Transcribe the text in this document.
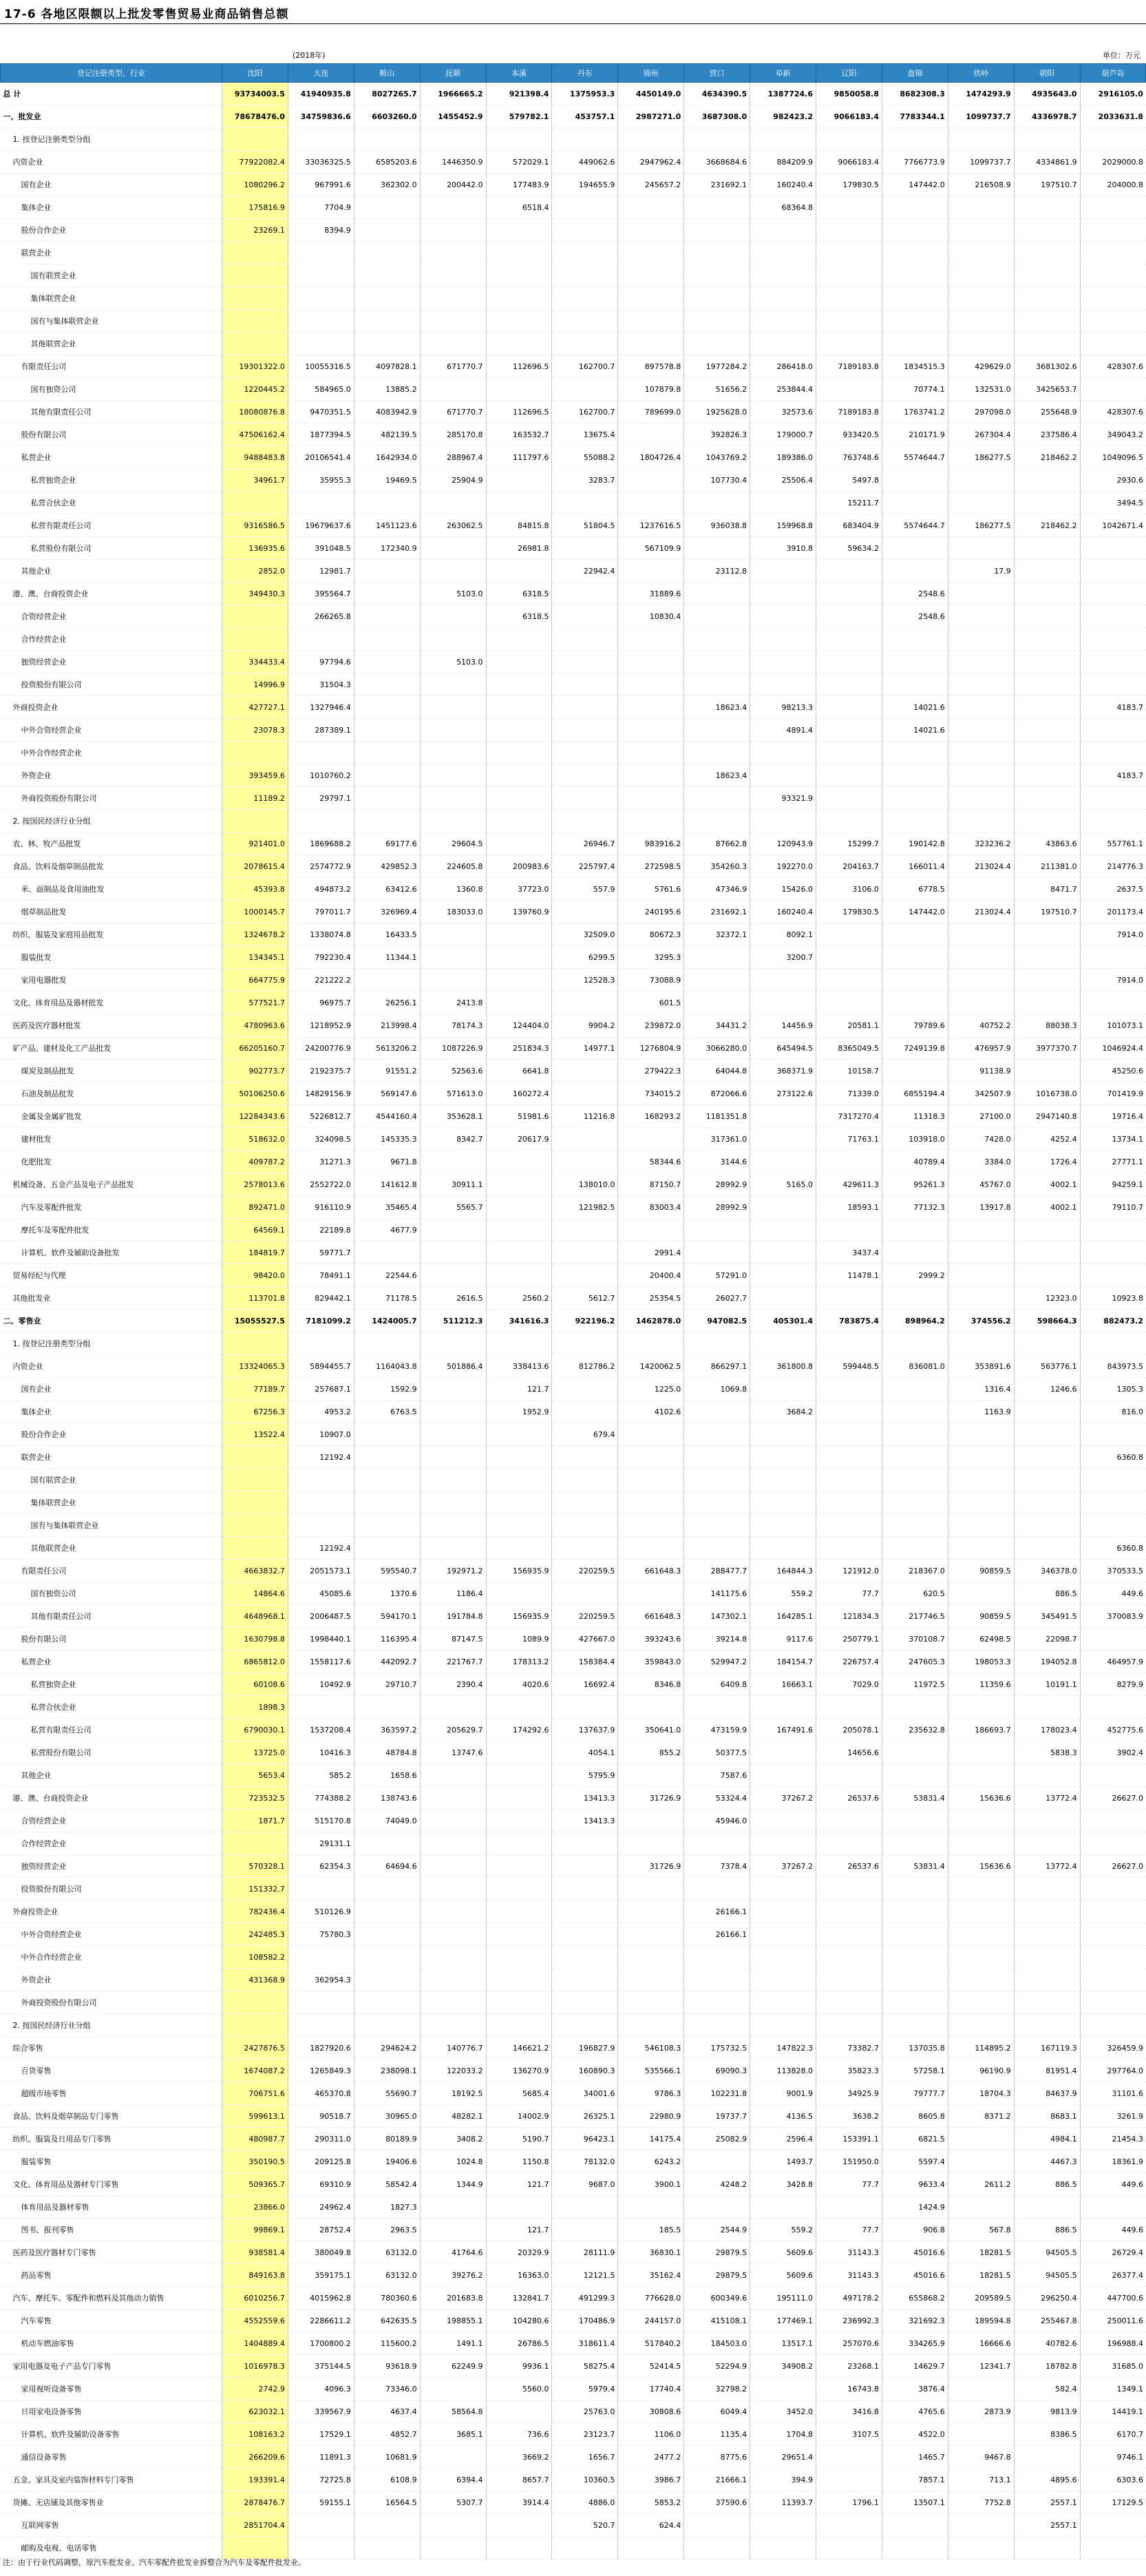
17-6 各地区限额以上批发零售贸易业商品销售总额
(2018年)	单位：万元
登记注册类型、行业	沈阳	大连	鞍山	抚顺	本溪	丹东	锦州	营口	阜新	辽阳	盘锦	铁岭	朝阳	葫芦岛
总 计	93734003.5	41940935.8	8027265.7	1966665.2	921398.4	1375953.3	4450149.0	4634390.5	1387724.6	9850058.8	8682308.3	1474293.9	4935643.0	2916105.0
一、批发业	78678476.0	34759836.6	6603260.0	1455452.9	579782.1	453757.1	2987271.0	3687308.0	982423.2	9066183.4	7783344.1	1099737.7	4336978.7	2033631.8
1. 按登记注册类型分组														
内资企业	77922082.4	33036325.5	6585203.6	1446350.9	572029.1	449062.6	2947962.4	3668684.6	884209.9	9066183.4	7766773.9	1099737.7	4334861.9	2029000.8
国有企业	1080296.2	967991.6	362302.0	200442.0	177483.9	194655.9	245657.2	231692.1	160240.4	179830.5	147442.0	216508.9	197510.7	204000.8
集体企业	175816.9	7704.9			6518.4				68364.8					
股份合作企业	23269.1	8394.9												
联营企业														
国有联营企业														
集体联营企业														
国有与集体联营企业														
其他联营企业														
有限责任公司	19301322.0	10055316.5	4097828.1	671770.7	112696.5	162700.7	897578.8	1977284.2	286418.0	7189183.8	1834515.3	429629.0	3681302.6	428307.6
国有独资公司	1220445.2	584965.0	13885.2				107879.8	51656.2	253844.4		70774.1	132531.0	3425653.7	
其他有限责任公司	18080876.8	9470351.5	4083942.9	671770.7	112696.5	162700.7	789699.0	1925628.0	32573.6	7189183.8	1763741.2	297098.0	255648.9	428307.6
股份有限公司	47506162.4	1877394.5	482139.5	285170.8	163532.7	13675.4		392826.3	179000.7	933420.5	210171.9	267304.4	237586.4	349043.2
私营企业	9488483.8	20106541.4	1642934.0	288967.4	111797.6	55088.2	1804726.4	1043769.2	189386.0	763748.6	5574644.7	186277.5	218462.2	1049096.5
私营独资企业	34961.7	35955.3	19469.5	25904.9		3283.7		107730.4	25506.4	5497.8				2930.6
私营合伙企业										15211.7				3494.5
私营有限责任公司	9316586.5	19679637.6	1451123.6	263062.5	84815.8	51804.5	1237616.5	936038.8	159968.8	683404.9	5574644.7	186277.5	218462.2	1042671.4
私营股份有限公司	136935.6	391048.5	172340.9		26981.8		567109.9		3910.8	59634.2				
其他企业	2852.0	12981.7				22942.4		23112.8				17.9		
港、澳、台商投资企业	349430.3	395564.7		5103.0	6318.5		31889.6				2548.6			
合资经营企业		266265.8			6318.5		10830.4				2548.6			
合作经营企业														
独资经营企业	334433.4	97794.6		5103.0										
投资股份有限公司	14996.9	31504.3												
外商投资企业	427727.1	1327946.4						18623.4	98213.3		14021.6			4183.7
中外合资经营企业	23078.3	287389.1							4891.4		14021.6			
中外合作经营企业														
外资企业	393459.6	1010760.2						18623.4						4183.7
外商投资股份有限公司	11189.2	29797.1							93321.9					
2. 按国民经济行业分组														
农、林、牧产品批发	921401.0	1869688.2	69177.6	29604.5		26946.7	983916.2	87662.8	120943.9	15299.7	190142.8	323236.2	43863.6	557761.1
食品、饮料及烟草制品批发	2078615.4	2574772.9	429852.3	224605.8	200983.6	225797.4	272598.5	354260.3	192270.0	204163.7	166011.4	213024.4	211381.0	214776.3
米、面制品及食用油批发	45393.8	494873.2	63412.6	1360.8	37723.0	557.9	5761.6	47346.9	15426.0	3106.0	6778.5		8471.7	2637.5
烟草制品批发	1000145.7	797011.7	326969.4	183033.0	139760.9		240195.6	231692.1	160240.4	179830.5	147442.0	213024.4	197510.7	201173.4
纺织、服装及家庭用品批发	1324678.2	1338074.8	16433.5			32509.0	80672.3	32372.1	8092.1					7914.0
服装批发	134345.1	792230.4	11344.1			6299.5	3295.3		3200.7					
家用电器批发	664775.9	221222.2				12528.3	73088.9							7914.0
文化、体育用品及器材批发	577521.7	96975.7	26256.1	2413.8			601.5							
医药及医疗器材批发	4780963.6	1218952.9	213998.4	78174.3	124404.0	9904.2	239872.0	34431.2	14456.9	20581.1	79789.6	40752.2	88038.3	101073.1
矿产品、建材及化工产品批发	66205160.7	24200776.9	5613206.2	1087226.9	251834.3	14977.1	1276804.9	3066280.0	645494.5	8365049.5	7249139.8	476957.9	3977370.7	1046924.4
煤炭及制品批发	902773.7	2192375.7	91551.2	52563.6	6641.8		279422.3	64044.8	368371.9	10158.7		91138.9		45250.6
石油及制品批发	50106250.6	14829156.9	569147.6	571613.0	160272.4		734015.2	872066.6	273122.6	71339.0	6855194.4	342507.9	1016738.0	701419.9
金属及金属矿批发	12284343.6	5226812.7	4544160.4	353628.1	51981.6	11216.8	168293.2	1181351.8		7317270.4	11318.3	27100.0	2947140.8	19716.4
建材批发	518632.0	324098.5	145335.3	8342.7	20617.9			317361.0		71763.1	103918.0	7428.0	4252.4	13734.1
化肥批发	409787.2	31271.3	9671.8				58344.6	3144.6			40789.4	3384.0	1726.4	27771.1
机械设备、五金产品及电子产品批发	2578013.6	2552722.0	141612.8	30911.1		138010.0	87150.7	28992.9	5165.0	429611.3	95261.3	45767.0	4002.1	94259.1
汽车及零配件批发	892471.0	916110.9	35465.4	5565.7		121982.5	83003.4	28992.9		18593.1	77132.3	13917.8	4002.1	79110.7
摩托车及零配件批发	64569.1	22189.8	4677.9											
计算机、软件及辅助设备批发	184819.7	59771.7					2991.4			3437.4				
贸易经纪与代理	98420.0	78491.1	22544.6				20400.4	57291.0		11478.1	2999.2			
其他批发业	113701.8	829442.1	71178.5	2616.5	2560.2	5612.7	25354.5	26027.7					12323.0	10923.8
二、零售业	15055527.5	7181099.2	1424005.7	511212.3	341616.3	922196.2	1462878.0	947082.5	405301.4	783875.4	898964.2	374556.2	598664.3	882473.2
1. 按登记注册类型分组														
内资企业	13324065.3	5894455.7	1164043.8	501886.4	338413.6	812786.2	1420062.5	866297.1	361800.8	599448.5	836081.0	353891.6	563776.1	843973.5
国有企业	77189.7	257687.1	1592.9		121.7		1225.0	1069.8				1316.4	1246.6	1305.3
集体企业	67256.3	4953.2	6763.5		1952.9		4102.6		3684.2			1163.9		816.0
股份合作企业	13522.4	10907.0				679.4								
联营企业		12192.4												6360.8
国有联营企业														
集体联营企业														
国有与集体联营企业														
其他联营企业		12192.4												6360.8
有限责任公司	4663832.7	2051573.1	595540.7	192971.2	156935.9	220259.5	661648.3	288477.7	164844.3	121912.0	218367.0	90859.5	346378.0	370533.5
国有独资公司	14864.6	45085.6	1370.6	1186.4				141175.6	559.2	77.7	620.5		886.5	449.6
其他有限责任公司	4648968.1	2006487.5	594170.1	191784.8	156935.9	220259.5	661648.3	147302.1	164285.1	121834.3	217746.5	90859.5	345491.5	370083.9
股份有限公司	1630798.8	1998440.1	116395.4	87147.5	1089.9	427667.0	393243.6	39214.8	9117.6	250779.1	370108.7	62498.5	22098.7	
私营企业	6865812.0	1558117.6	442092.7	221767.7	178313.2	158384.4	359843.0	529947.2	184154.7	226757.4	247605.3	198053.3	194052.8	464957.9
私营独资企业	60108.6	10492.9	29710.7	2390.4	4020.6	16692.4	8346.8	6409.8	16663.1	7029.0	11972.5	11359.6	10191.1	8279.9
私营合伙企业	1898.3													
私营有限责任公司	6790030.1	1537208.4	363597.2	205629.7	174292.6	137637.9	350641.0	473159.9	167491.6	205078.1	235632.8	186693.7	178023.4	452775.6
私营股份有限公司	13725.0	10416.3	48784.8	13747.6		4054.1	855.2	50377.5		14656.6			5838.3	3902.4
其他企业	5653.4	585.2	1658.6			5795.9		7587.6						
港、澳、台商投资企业	723532.5	774388.2	138743.6			13413.3	31726.9	53324.4	37267.2	26537.6	53831.4	15636.6	13772.4	26627.0
合资经营企业	1871.7	515170.8	74049.0			13413.3		45946.0						
合作经营企业		29131.1												
独资经营企业	570328.1	62354.3	64694.6				31726.9	7378.4	37267.2	26537.6	53831.4	15636.6	13772.4	26627.0
投资股份有限公司	151332.7													
外商投资企业	782436.4	510126.9						26166.1						
中外合资经营企业	242485.3	75780.3						26166.1						
中外合作经营企业	108582.2													
外资企业	431368.9	362954.3												
外商投资股份有限公司														
2. 按国民经济行业分组														
综合零售	2427876.5	1827920.6	294624.2	140776.7	146621.2	196827.9	546108.3	175732.5	147822.3	73382.7	137035.8	114895.2	167119.3	326459.9
百货零售	1674087.2	1265849.3	238098.1	122033.2	136270.9	160890.3	535566.1	69090.3	113828.0	35823.3	57258.1	96190.9	81951.4	297764.0
超级市场零售	706751.6	465370.8	55690.7	18192.5	5685.4	34001.6	9786.3	102231.8	9001.9	34925.9	79777.7	18704.3	84637.9	31101.6
食品、饮料及烟草制品专门零售	599613.1	90518.7	30965.0	48282.1	14002.9	26325.1	22980.9	19737.7	4136.5	3638.2	8605.8	8371.2	8683.1	3261.9
纺织、服装及日用品专门零售	480987.7	290311.0	80189.9	3408.2	5190.7	96423.1	14175.4	25082.9	2596.4	153391.1	6821.5		4984.1	21454.3
服装零售	350190.5	209125.8	19406.6	1024.8	1150.8	78132.0	6243.2		1493.7	151950.0	5597.4		4467.3	18361.9
文化、体育用品及器材专门零售	509365.7	69310.9	58542.4	1344.9	121.7	9687.0	3900.1	4248.2	3428.8	77.7	9633.4	2611.2	886.5	449.6
体育用品及器材零售	23866.0	24962.4	1827.3								1424.9			
图书、报刊零售	99869.1	28752.4	2963.5		121.7		185.5	2544.9	559.2	77.7	906.8	567.8	886.5	449.6
医药及医疗器材专门零售	938581.4	380049.8	63132.0	41764.6	20329.9	28111.9	36830.1	29879.5	5609.6	31143.3	45016.6	18281.5	94505.5	26729.4
药品零售	849163.8	359175.1	63132.0	39276.2	16363.0	12121.5	35162.4	29879.5	5609.6	31143.3	45016.6	18281.5	94505.5	26377.4
汽车、摩托车、零配件和燃料及其他动力销售	6010256.7	4015962.8	780360.6	201683.8	132841.7	491299.3	776628.0	600349.6	195111.0	497178.2	655868.2	209589.5	296250.4	447700.6
汽车零售	4552559.6	2286611.2	642635.5	198855.1	104280.6	170486.9	244157.0	415108.1	177469.1	236992.3	321692.3	189594.8	255467.8	250011.6
机动车燃油零售	1404889.4	1700800.2	115600.2	1491.1	26786.5	318611.4	517840.2	184503.0	13517.1	257070.6	334265.9	16666.6	40782.6	196988.4
家用电器及电子产品专门零售	1016978.3	375144.5	93618.9	62249.9	9936.1	58275.4	52414.5	52294.9	34908.2	23268.1	14629.7	12341.7	18782.8	31685.0
家用视听设备零售	2742.9	4096.3	73346.0		5560.0	5979.4	17740.4	32798.2		16743.8	3876.4		582.4	1349.1
日用家电设备零售	623032.1	339567.9	4637.4	58564.8		25763.0	30808.6	6049.4	3452.0	3416.8	4765.6	2873.9	9813.9	14419.1
计算机、软件及辅助设备零售	108163.2	17529.1	4852.7	3685.1	736.6	23123.7	1106.0	1135.4	1704.8	3107.5	4522.0		8386.5	6170.7
通信设备零售	266209.6	11891.3	10681.9		3669.2	1656.7	2477.2	8775.6	29651.4		1465.7	9467.8		9746.1
五金、家具及室内装饰材料专门零售	193391.4	72725.8	6108.9	6394.4	8657.7	10360.5	3986.7	21666.1	394.9		7857.1	713.1	4895.6	6303.6
货摊、无店铺及其他零售业	2878476.7	59155.1	16564.5	5307.7	3914.4	4886.0	5853.2	37590.6	11393.7	1796.1	13507.1	7752.8	2557.1	17129.5
互联网零售	2851704.4					520.7	624.4						2557.1	
邮购及电视、电话零售														
注：由于行业代码调整，原汽车批发业、汽车零配件批发业拆整合为汽车及零配件批发业。
